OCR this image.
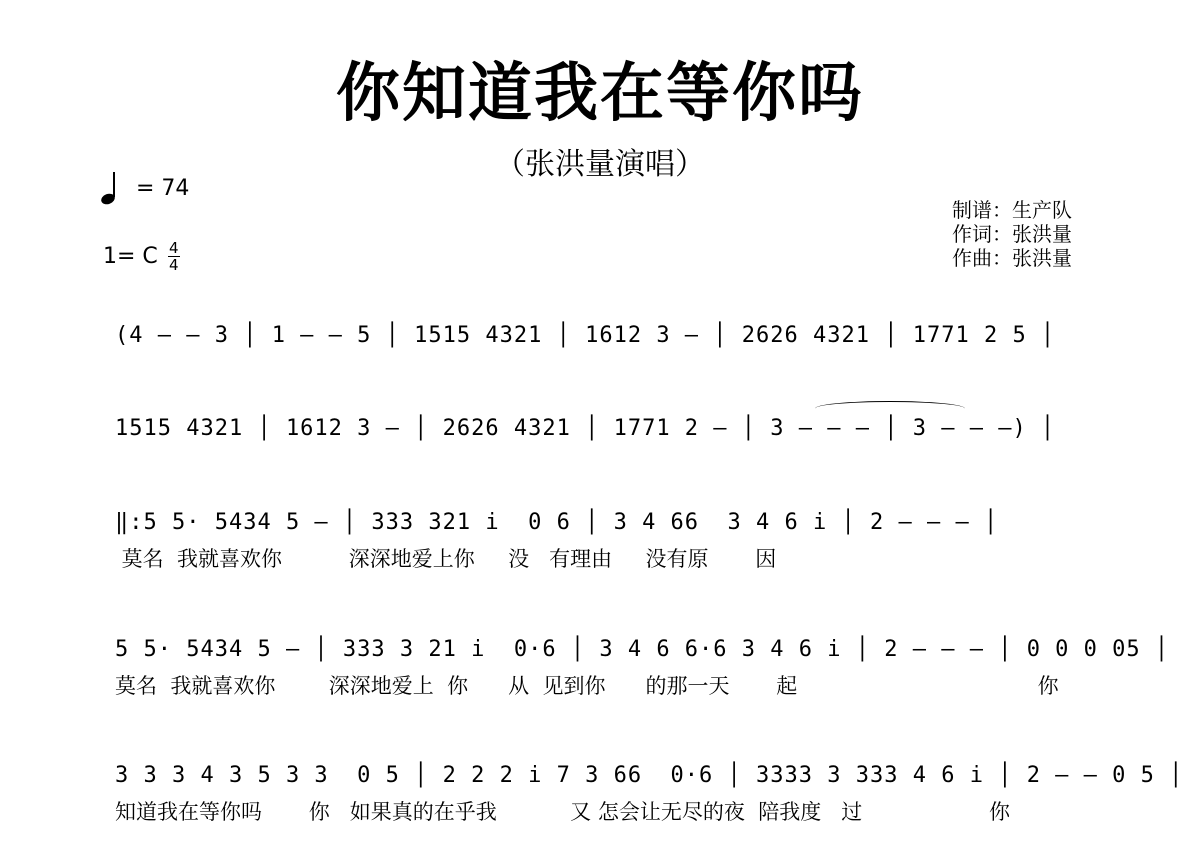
你知道我在等你吗
（张洪量演唱）
= 74
1= C $\frac{4}{4}$
制谱：生产队
作词：张洪量
作曲：张洪量
(4 – – 3 │ 1 – – 5 │ 1515 4321 │ 1612 3 – │ 2626 4321 │ 1771 2 5 │
1515 4321 │ 1612 3 – │ 2626 4321 │ 1771 2 – │ 3 – – – │ 3 – – –) │
‖:5 5· 5434 5 – │ 333 321 i  0 6 │ 3 4 66  3 4 6 i │ 2 – – – │
莫名  我就喜欢你          深深地爱上你     没   有理由     没有原       因
5 5· 5434 5 – │ 333 3 21 i  0·6 │ 3 4 6 6·6 3 4 6 i │ 2 – – – │ 0 0 0 05 │
莫名  我就喜欢你        深深地爱上  你      从  见到你      的那一天       起                                    你
3 3 3 4 3 5 3 3  0 5 │ 2 2 2 i 7 3 66  0·6 │ 3333 3 333 4 6 i │ 2 – – 0 5 │
知道我在等你吗       你   如果真的在乎我           又 怎会让无尽的夜  陪我度   过                   你
